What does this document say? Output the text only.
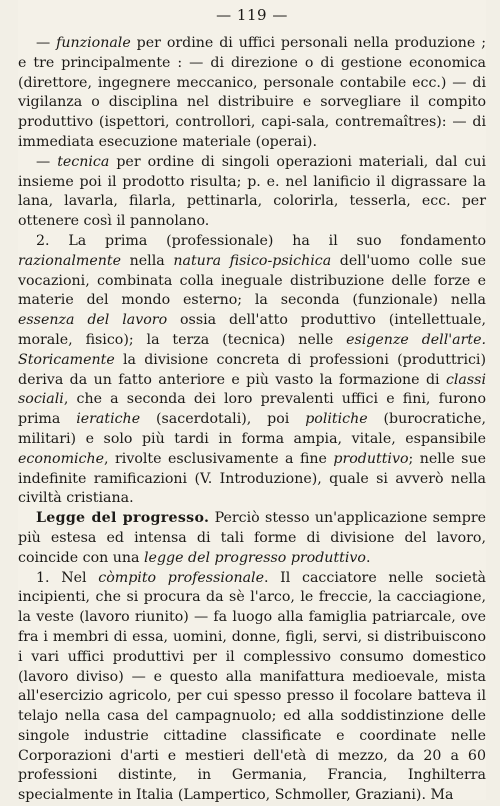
— 119 —

— funzionale per ordine di uffici personali nella produzione ; e tre principalmente : — di direzione o di gestione economica (direttore, ingegnere meccanico, personale contabile ecc.) — di vigilanza o disciplina nel distribuire e sorvegliare il compito produttivo (ispettori, controllori, capi-sala, contremaîtres): — di immediata esecuzione materiale (operai).

— tecnica per ordine di singoli operazioni materiali, dal cui insieme poi il prodotto risulta; p. e. nel lanificio il digrassare la lana, lavarla, filarla, pettinarla, colorirla, tesserla, ecc. per ottenere così il pannolano.

2. La prima (professionale) ha il suo fondamento razionalmente nella natura fisico-psichica dell'uomo colle sue vocazioni, combinata colla ineguale distribuzione delle forze e materie del mondo esterno; la seconda (funzionale) nella essenza del lavoro ossia dell'atto produttivo (intellettuale, morale, fisico); la terza (tecnica) nelle esigenze dell'arte. Storicamente la divisione concreta di professioni (produttrici) deriva da un fatto anteriore e più vasto la formazione di classi sociali, che a seconda dei loro prevalenti uffici e fini, furono prima ieratiche (sacerdotali), poi politiche (burocratiche, militari) e solo più tardi in forma ampia, vitale, espansibile economiche, rivolte esclusivamente a fine produttivo; nelle sue indefinite ramificazioni (V. Introduzione), quale si avverò nella civiltà cristiana.

Legge del progresso. Perciò stesso un'applicazione sempre più estesa ed intensa di tali forme di divisione del lavoro, coincide con una legge del progresso produttivo.

1. Nel còmpito professionale. Il cacciatore nelle società incipienti, che si procura da sè l'arco, le freccie, la cacciagione, la veste (lavoro riunito) — fa luogo alla famiglia patriarcale, ove fra i membri di essa, uomini, donne, figli, servi, si distribuiscono i vari uffici produttivi per il complessivo consumo domestico (lavoro diviso) — e questo alla manifattura medioevale, mista all'esercizio agricolo, per cui spesso presso il focolare batteva il telajo nella casa del campagnuolo; ed alla soddistinzione delle singole industrie cittadine classificate e coordinate nelle Corporazioni d'arti e mestieri dell'età di mezzo, da 20 a 60 professioni distinte, in Germania, Francia, Inghilterra specialmente in Italia (Lampertico, Schmoller, Graziani). Ma
